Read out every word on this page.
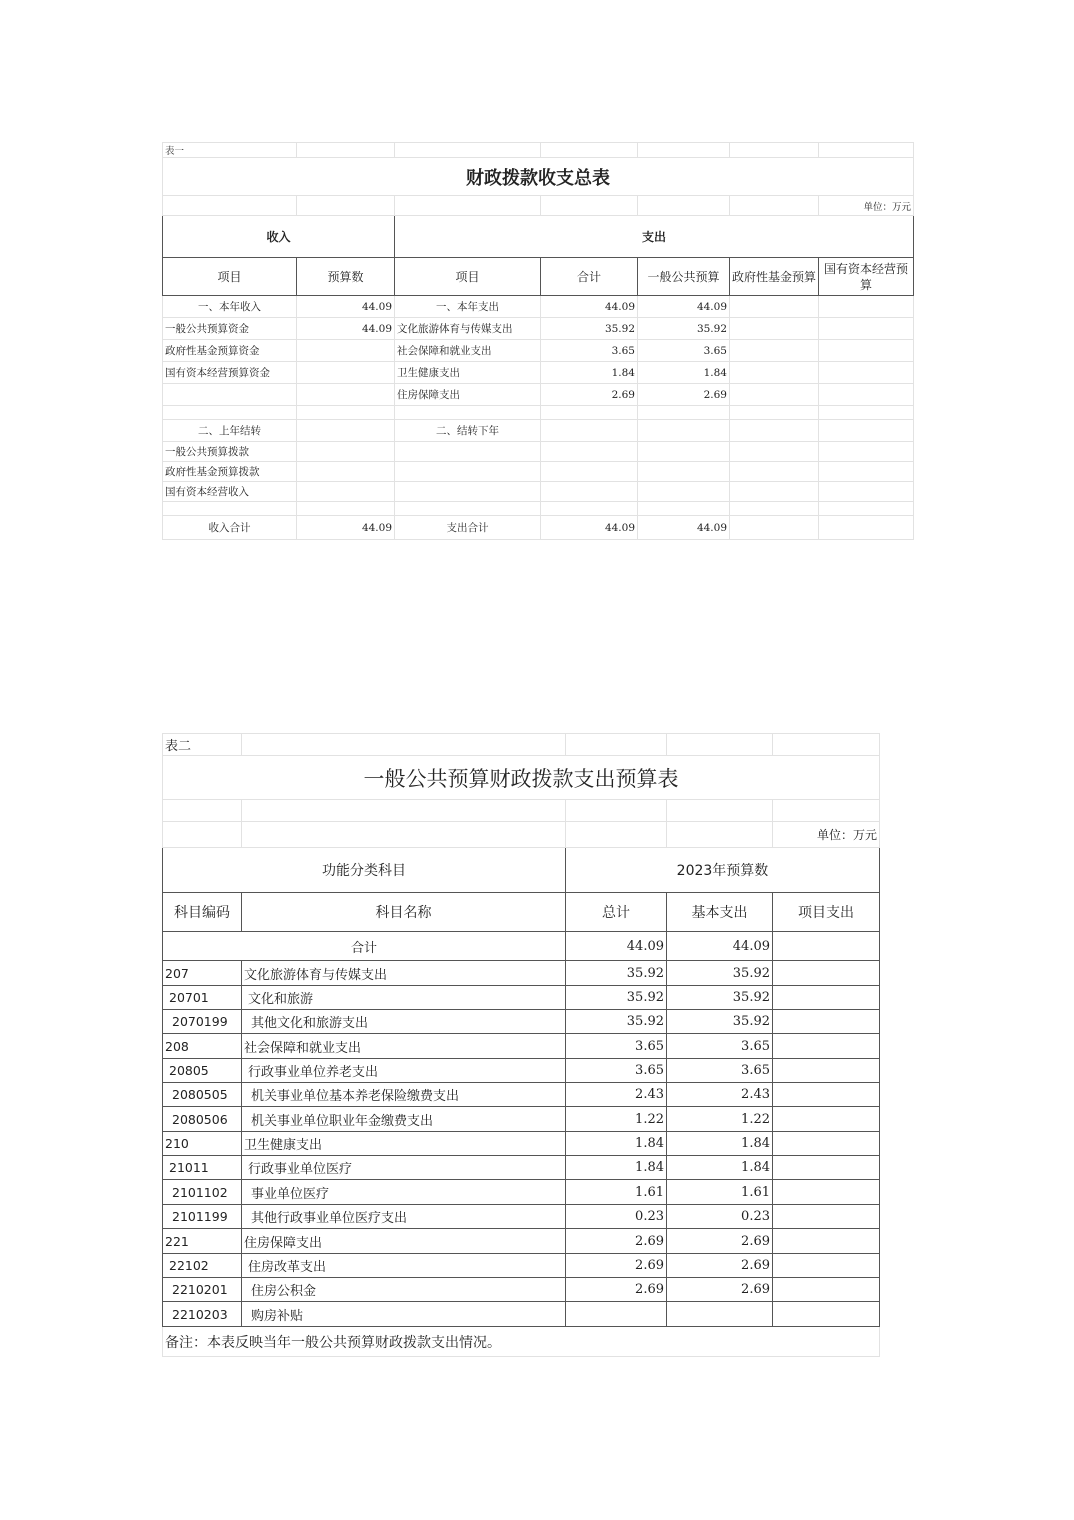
表一						
财政拨款收支总表						
						单位：万元
收入		支出				
项目	预算数	项目	合计	一般公共预算	政府性基金预算	国有资本经营预算
一、本年收入	44.09	一、本年支出	44.09	44.09		
一般公共预算资金	44.09	文化旅游体育与传媒支出	35.92	35.92		
政府性基金预算资金		社会保障和就业支出	3.65	3.65		
国有资本经营预算资金		卫生健康支出	1.84	1.84		
		住房保障支出	2.69	2.69		

二、上年结转		二、结转下年				
一般公共预算拨款						
政府性基金预算拨款						
国有资本经营收入						

收入合计	44.09	支出合计	44.09	44.09		
表二				
一般公共预算财政拨款支出预算表				

				单位：万元
功能分类科目		2023年预算数		
科目编码	科目名称	总计	基本支出	项目支出
合计		44.09	44.09	
207	文化旅游体育与传媒支出	35.92	35.92	
20701	文化和旅游	35.92	35.92	
2070199	其他文化和旅游支出	35.92	35.92	
208	社会保障和就业支出	3.65	3.65	
20805	行政事业单位养老支出	3.65	3.65	
2080505	机关事业单位基本养老保险缴费支出	2.43	2.43	
2080506	机关事业单位职业年金缴费支出	1.22	1.22	
210	卫生健康支出	1.84	1.84	
21011	行政事业单位医疗	1.84	1.84	
2101102	事业单位医疗	1.61	1.61	
2101199	其他行政事业单位医疗支出	0.23	0.23	
221	住房保障支出	2.69	2.69	
22102	住房改革支出	2.69	2.69	
2210201	住房公积金	2.69	2.69	
2210203	购房补贴			
备注：本表反映当年一般公共预算财政拨款支出情况。				
